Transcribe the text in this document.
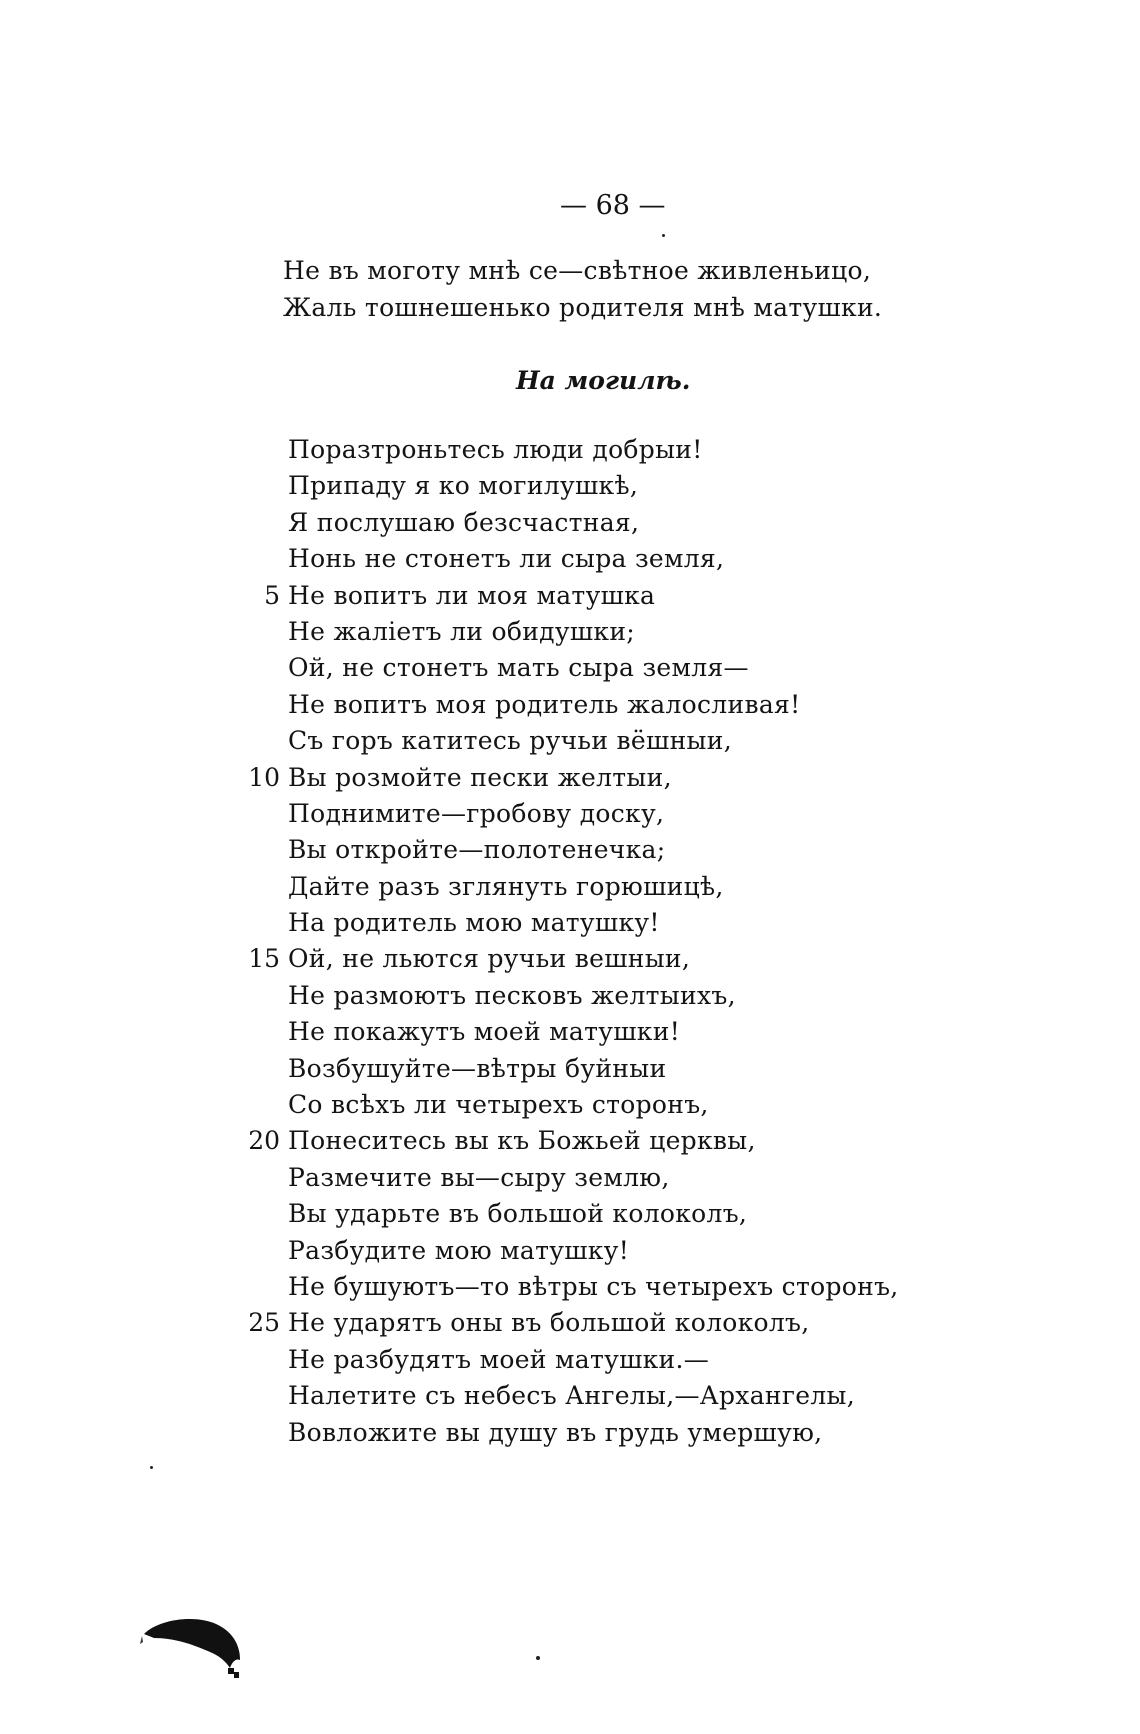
— 68 —
Не въ моготу мнѣ се—свѣтное живленьицо,
Жаль тошнешенько родителя мнѣ матушки.
На могилѣ.
Поразтроньтесь люди добрыи!
Припаду я ко могилушкѣ,
Я послушаю безсчастная,
Нонь не стонетъ ли сыра земля,
5 Не вопитъ ли моя матушка
Не жаліетъ ли обидушки;
Ой, не стонетъ мать сыра земля—
Не вопитъ моя родитель жалосливая!
Съ горъ катитесь ручьи вёшныи,
10 Вы розмойте пески желтыи,
Поднимите—гробову доску,
Вы откройте—полотенечка;
Дайте разъ зглянуть горюшицѣ,
На родитель мою матушку!
15 Ой, не льются ручьи вешныи,
Не размоютъ песковъ желтыихъ,
Не покажутъ моей матушки!
Возбушуйте—вѣтры буйныи
Со всѣхъ ли четырехъ сторонъ,
20 Понеситесь вы къ Божьей церквы,
Размечите вы—сыру землю,
Вы ударьте въ большой колоколъ,
Разбудите мою матушку!
Не бушуютъ—то вѣтры съ четырехъ сторонъ,
25 Не ударятъ оны въ большой колоколъ,
Не разбудятъ моей матушки.—
Налетите съ небесъ Ангелы,—Архангелы,
Вовложите вы душу въ грудь умершую,
